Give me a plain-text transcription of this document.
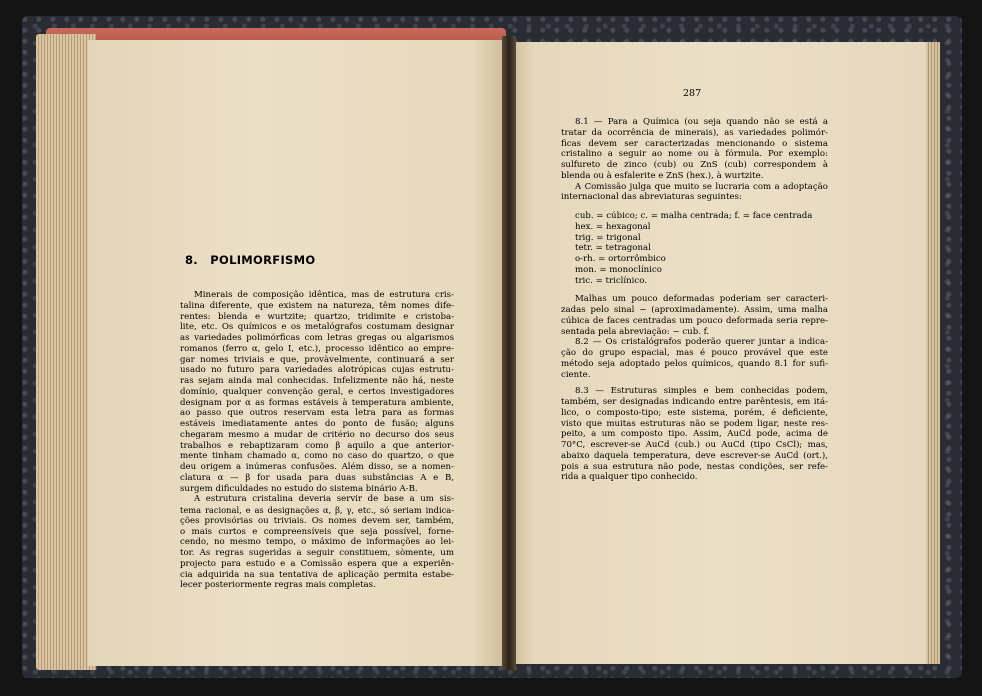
8. POLIMORFISMO
Minerais de composição idêntica, mas de estrutura cris-
talina diferente, que existem na natureza, têm nomes dife-
rentes: blenda e wurtzite; quartzo, tridimite e cristoba-
lite, etc. Os químicos e os metalógrafos costumam designar
as variedades polimórficas com letras gregas ou algarismos
romanos (ferro α, gelo I, etc.), processo idêntico ao empre-
gar nomes triviais e que, provàvelmente, continuará a ser
usado no futuro para variedades alotrópicas cujas estrutu-
ras sejam ainda mal conhecidas. Infelizmente não há, neste
domínio, qualquer convenção geral, e certos investigadores
designam por α as formas estáveis à temperatura ambiente,
ao passo que outros reservam esta letra para as formas
estáveis imediatamente antes do ponto de fusão; alguns
chegaram mesmo a mudar de critério no decurso dos seus
trabalhos e rebaptizaram como β aquilo a que anterior-
mente tinham chamado α, como no caso do quartzo, o que
deu origem a inúmeras confusões. Além disso, se a nomen-
clatura α — β for usada para duas substâncias A e B,
surgem dificuldades no estudo do sistema binário A-B.
A estrutura cristalina deveria servir de base a um sis-
tema racional, e as designações α, β, γ, etc., só seriam indica-
ções provisórias ou triviais. Os nomes devem ser, também,
o mais curtos e compreensíveis que seja possível, forne-
cendo, no mesmo tempo, o máximo de informações ao lei-
tor. As regras sugeridas a seguir constituem, sòmente, um
projecto para estudo e a Comissão espera que a experiên-
cia adquirida na sua tentativa de aplicação permita estabe-
lecer posteriormente regras mais completas.
287
8.1 — Para a Química (ou seja quando não se está a
tratar da ocorrência de minerais), as variedades polimór-
ficas devem ser caracterizadas mencionando o sistema
cristalino a seguir ao nome ou à fórmula. Por exemplo:
sulfureto de zinco (cub) ou ZnS (cub) correspondem à
blenda ou à esfalerite e ZnS (hex.), à wurtzite.
A Comissão julga que muito se lucraria com a adoptação
internacional das abreviaturas seguintes:
cub. = cúbico; c. = malha centrada; f. = face centrada
hex. = hexagonal
trig. = trigonal
tetr. = tetragonal
o-rh. = ortorrômbico
mon. = monoclínico
tric. = triclínico.
Malhas um pouco deformadas poderiam ser caracteri-
zadas pelo sinal ~ (aproximadamente). Assim, uma malha
cúbica de faces centradas um pouco deformada seria repre-
sentada pela abreviação: ~ cub. f.
8.2 — Os cristalógrafos poderão querer juntar a indica-
ção do grupo espacial, mas é pouco provável que este
método seja adoptado pelos químicos, quando 8.1 for sufi-
ciente.
8.3 — Estruturas simples e bem conhecidas podem,
também, ser designadas indicando entre parêntesis, em itá-
lico, o composto-tipo; este sistema, porém, é deficiente,
visto que muitas estruturas não se podem ligar, neste res-
peito, a um composto tipo. Assim, AuCd pode, acima de
70°C, escrever-se AuCd (cub.) ou AuCd (tipo CsCl); mas,
abaixo daquela temperatura, deve escrever-se AuCd (ort.),
pois a sua estrutura não pode, nestas condições, ser refe-
rida a qualquer tipo conhecido.
